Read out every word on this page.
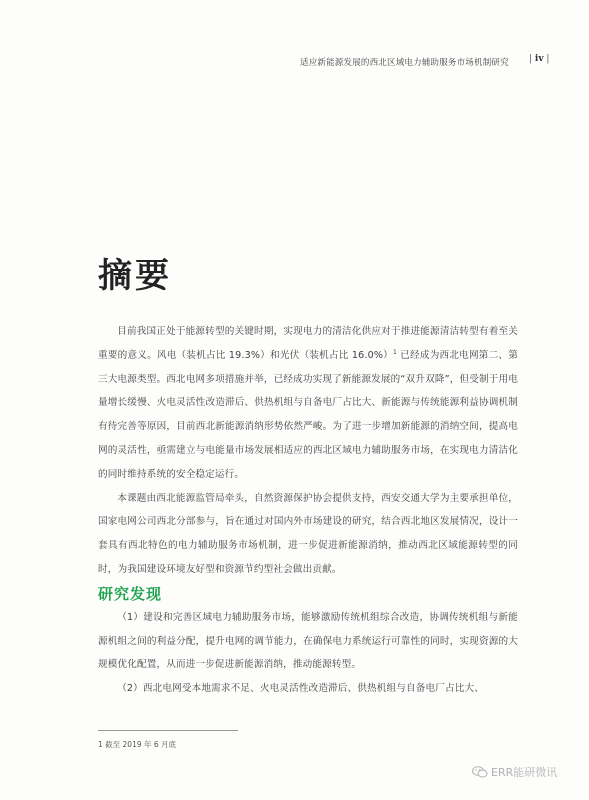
适应新能源发展的西北区域电力辅助服务市场机制研究	| iv |
摘要

目前我国正处于能源转型的关键时期，实现电力的清洁化供应对于推进能源清洁转型有着至关重要的意义。风电（装机占比 19.3%）和光伏（装机占比 16.0%）$^1$ 已经成为西北电网第二、第三大电源类型。西北电网多项措施并举，已经成功实现了新能源发展的“双升双降”，但受制于用电量增长缓慢、火电灵活性改造滞后、供热机组与自备电厂占比大、新能源与传统能源利益协调机制有待完善等原因，目前西北新能源消纳形势依然严峻。为了进一步增加新能源的消纳空间，提高电网的灵活性，亟需建立与电能量市场发展相适应的西北区域电力辅助服务市场，在实现电力清洁化的同时维持系统的安全稳定运行。

本课题由西北能源监管局牵头，自然资源保护协会提供支持，西安交通大学为主要承担单位，国家电网公司西北分部参与，旨在通过对国内外市场建设的研究，结合西北地区发展情况，设计一套具有西北特色的电力辅助服务市场机制，进一步促进新能源消纳，推动西北区域能源转型的同时，为我国建设环境友好型和资源节约型社会做出贡献。

研究发现

（1）建设和完善区域电力辅助服务市场，能够激励传统机组综合改造，协调传统机组与新能源机组之间的利益分配，提升电网的调节能力，在确保电力系统运行可靠性的同时，实现资源的大规模优化配置，从而进一步促进新能源消纳，推动能源转型。

（2）西北电网受本地需求不足、火电灵活性改造滞后、供热机组与自备电厂占比大、

1 截至 2019 年 6 月底
ERR能研微讯
